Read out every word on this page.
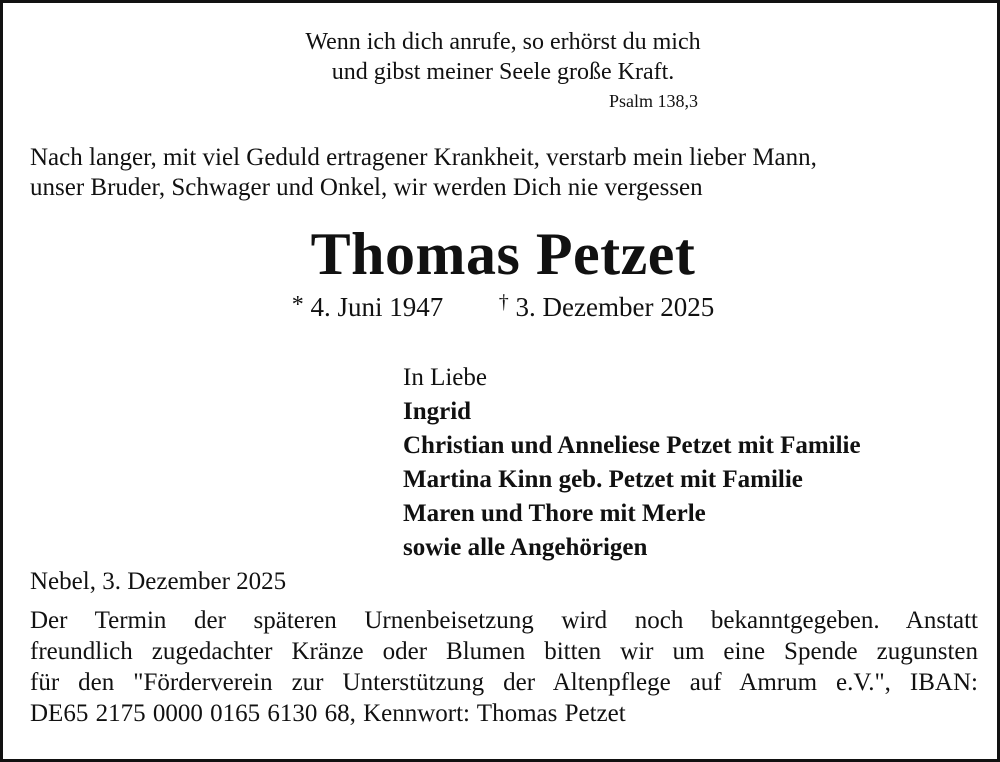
Wenn ich dich anrufe, so erhörst du mich

und gibst meiner Seele große Kraft.

Psalm 138,3

Nach langer, mit viel Geduld ertragener Krankheit, verstarb mein lieber Mann,
unser Bruder, Schwager und Onkel, wir werden Dich nie vergessen

Thomas Petzet

* 4. Juni 1947	† 3. Dezember 2025

In Liebe
Ingrid
Christian und Anneliese Petzet mit Familie
Martina Kinn geb. Petzet mit Familie
Maren und Thore mit Merle
sowie alle Angehörigen

Nebel, 3. Dezember 2025

Der Termin der späteren Urnenbeisetzung wird noch bekanntgegeben. Anstatt
freundlich zugedachter Kränze oder Blumen bitten wir um eine Spende zugunsten
für den "Förderverein zur Unterstützung der Altenpflege auf Amrum e.V.", IBAN:
DE65 2175 0000 0165 6130 68, Kennwort: Thomas Petzet
